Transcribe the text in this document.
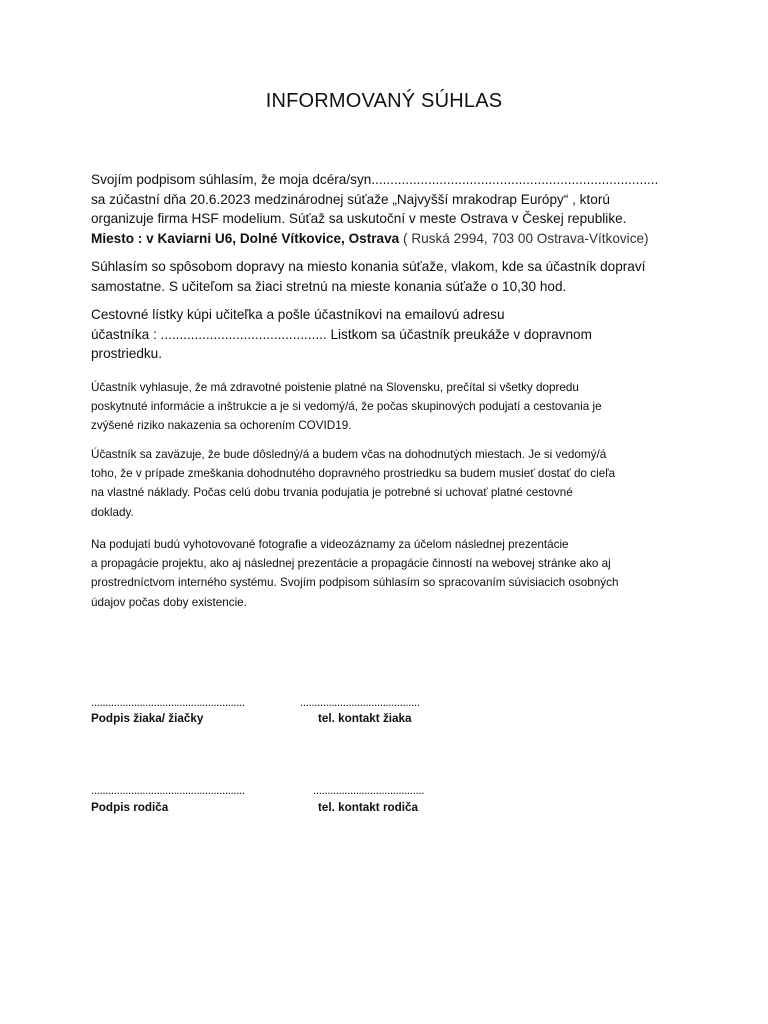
INFORMOVANÝ SÚHLAS
Svojím podpisom súhlasím, že moja dcéra/syn............................................................................
sa zúčastní dňa 20.6.2023 medzinárodnej súťaže „Najvyšší mrakodrap Európy“ , ktorú
organizuje firma HSF modelium. Súťaž sa uskutoční v meste Ostrava v Českej republike.
Miesto : v Kaviarni U6, Dolné Vítkovice, Ostrava ( Ruská 2994, 703 00 Ostrava-Vítkovice)
Súhlasím so spôsobom dopravy na miesto konania súťaže, vlakom, kde sa účastník dopraví
samostatne. S učiteľom sa žiaci stretnú na mieste konania súťaže o 10,30 hod.
Cestovné lístky kúpi učiteľka a pošle účastníkovi na emailovú adresu
účastníka : ............................................ Listkom sa účastník preukáže v dopravnom
prostriedku.
Účastník vyhlasuje, že má zdravotné poistenie platné na Slovensku, prečítal si všetky dopredu
poskytnuté informácie a inštrukcie a je si vedomý/á, že počas skupinových podujatí a cestovania je
zvýšené riziko nakazenia sa ochorením COVID19.
Účastník sa zaväzuje, že bude dôsledný/á a budem včas na dohodnutých miestach. Je si vedomý/á
toho, že v prípade zmeškania dohodnutého dopravného prostriedku sa budem musieť dostať do cieľa
na vlastné náklady. Počas celú dobu trvania podujatia je potrebné si uchovať platné cestovné
doklady.
Na podujatí budú vyhotovované fotografie a videozáznamy za účelom následnej prezentácie
a propagácie projektu, ako aj následnej prezentácie a propagácie činností na webovej stránke ako aj
prostredníctvom interného systému. Svojím podpisom súhlasím so spracovaním súvisiacich osobných
údajov počas doby existencie.
......................................................	..........................................
Podpis žiaka/ žiačky	tel. kontakt žiaka
......................................................	.......................................
Podpis rodiča	tel. kontakt rodiča
